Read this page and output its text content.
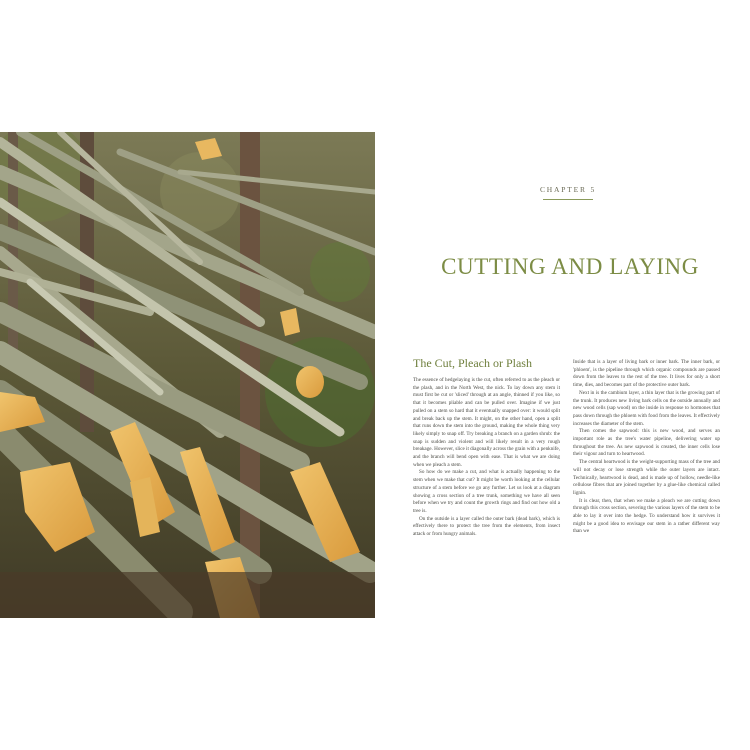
CHAPTER 5
CUTTING AND LAYING
The Cut, Pleach or Plash

The essence of hedgelaying is the cut, often referred to as the pleach or the plash, and in the North West, the nick. To lay down any stem it must first be cut or 'sliced' through at an angle, thinned if you like, so that it becomes pliable and can be pulled over. Imagine if we just pulled on a stem so hard that it eventually snapped over: it would split and break back up the stem. It might, on the other hand, open a split that runs down the stem into the ground, making the whole thing very likely simply to snap off. Try breaking a branch on a garden shrub: the snap is sudden and violent and will likely result in a very rough breakage. However, slice it diagonally across the grain with a penknife, and the branch will bend open with ease. That is what we are doing when we pleach a stem.

So how do we make a cut, and what is actually happening to the stem when we make that cut? It might be worth looking at the cellular structure of a stem before we go any further. Let us look at a diagram showing a cross section of a tree trunk, something we have all seen before when we try and count the growth rings and find out how old a tree is.

On the outside is a layer called the outer bark (dead bark), which is effectively there to protect the tree from the elements, from insect attack or from hungry animals.

Inside that is a layer of living bark or inner bark. The inner bark, or 'phloem', is the pipeline through which organic compounds are passed down from the leaves to the rest of the tree. It lives for only a short time, dies, and becomes part of the protective outer bark.

Next in is the cambium layer, a thin layer that is the growing part of the trunk. It produces new living bark cells on the outside annually and new wood cells (sap wood) on the inside in response to hormones that pass down through the phloem with food from the leaves. It effectively increases the diameter of the stem.

Then comes the sapwood: this is new wood, and serves an important role as the tree's water pipeline, delivering water up throughout the tree. As new sapwood is created, the inner cells lose their vigour and turn to heartwood.

The central heartwood is the weight-supporting mass of the tree and will not decay or lose strength while the outer layers are intact. Technically, heartwood is dead, and is made up of hollow, needle-like cellulose fibres that are joined together by a glue-like chemical called lignin.

It is clear, then, that when we make a pleach we are cutting down through this cross section, severing the various layers of the stem to be able to lay it over into the hedge. To understand how it survives it might be a good idea to envisage our stem in a rather different way than we
